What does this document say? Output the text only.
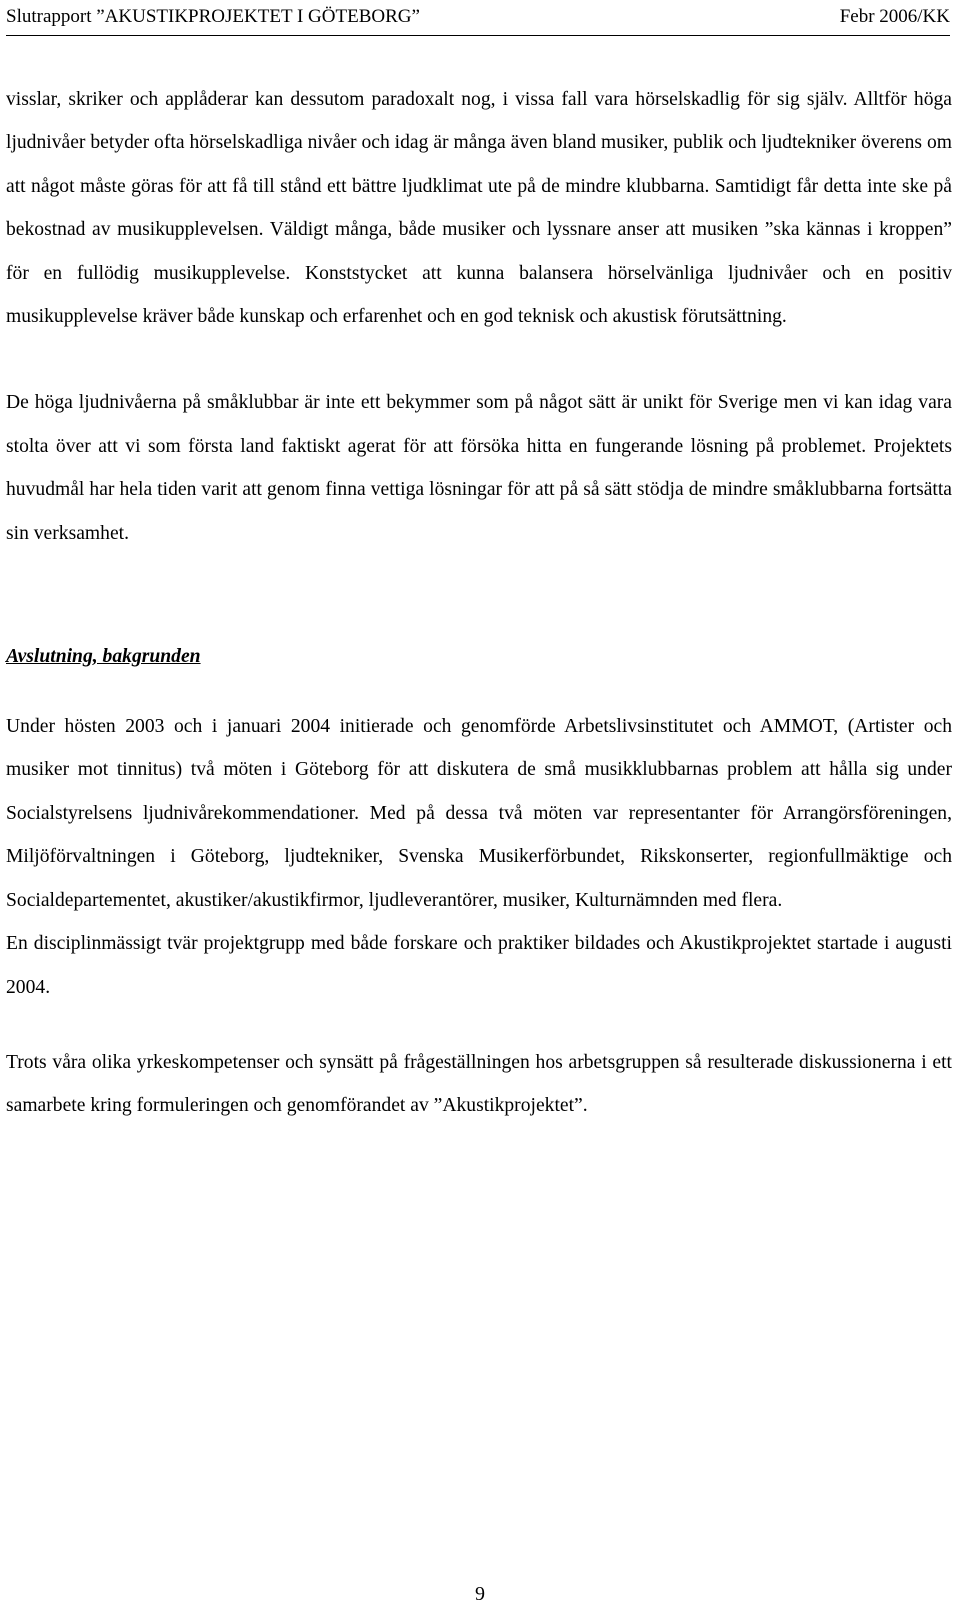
Slutrapport ”AKUSTIKPROJEKTET I GÖTEBORG”	Febr 2006/KK

visslar, skriker och applåderar kan dessutom paradoxalt nog, i vissa fall vara hörselskadlig för sig själv. Alltför höga ljudnivåer betyder ofta hörselskadliga nivåer och idag är många även bland musiker, publik och ljudtekniker överens om att något måste göras för att få till stånd ett bättre ljudklimat ute på de mindre klubbarna. Samtidigt får detta inte ske på bekostnad av musikupplevelsen. Väldigt många, både musiker och lyssnare anser att musiken ”ska kännas i kroppen” för en fullödig musikupplevelse. Konststycket att kunna balansera hörselvänliga ljudnivåer och en positiv musikupplevelse kräver både kunskap och erfarenhet och en god teknisk och akustisk förutsättning.

De höga ljudnivåerna på småklubbar är inte ett bekymmer som på något sätt är unikt för Sverige men vi kan idag vara stolta över att vi som första land faktiskt agerat för att försöka hitta en fungerande lösning på problemet. Projektets huvudmål har hela tiden varit att genom finna vettiga lösningar för att på så sätt stödja de mindre småklubbarna fortsätta sin verksamhet.

Avslutning, bakgrunden

Under hösten 2003 och i januari 2004 initierade och genomförde Arbetslivsinstitutet och AMMOT, (Artister och musiker mot tinnitus) två möten i Göteborg för att diskutera de små musikklubbarnas problem att hålla sig under Socialstyrelsens ljudnivårekommendationer. Med på dessa två möten var representanter för Arrangörsföreningen, Miljöförvaltningen i Göteborg, ljudtekniker, Svenska Musikerförbundet, Rikskonserter, regionfullmäktige och Socialdepartementet, akustiker/akustikfirmor, ljudleverantörer, musiker, Kulturnämnden med flera.

En disciplinmässigt tvär projektgrupp med både forskare och praktiker bildades och Akustikprojektet startade i augusti 2004.

Trots våra olika yrkeskompetenser och synsätt på frågeställningen hos arbetsgruppen så resulterade diskussionerna i ett samarbete kring formuleringen och genomförandet av ”Akustikprojektet”.

9
